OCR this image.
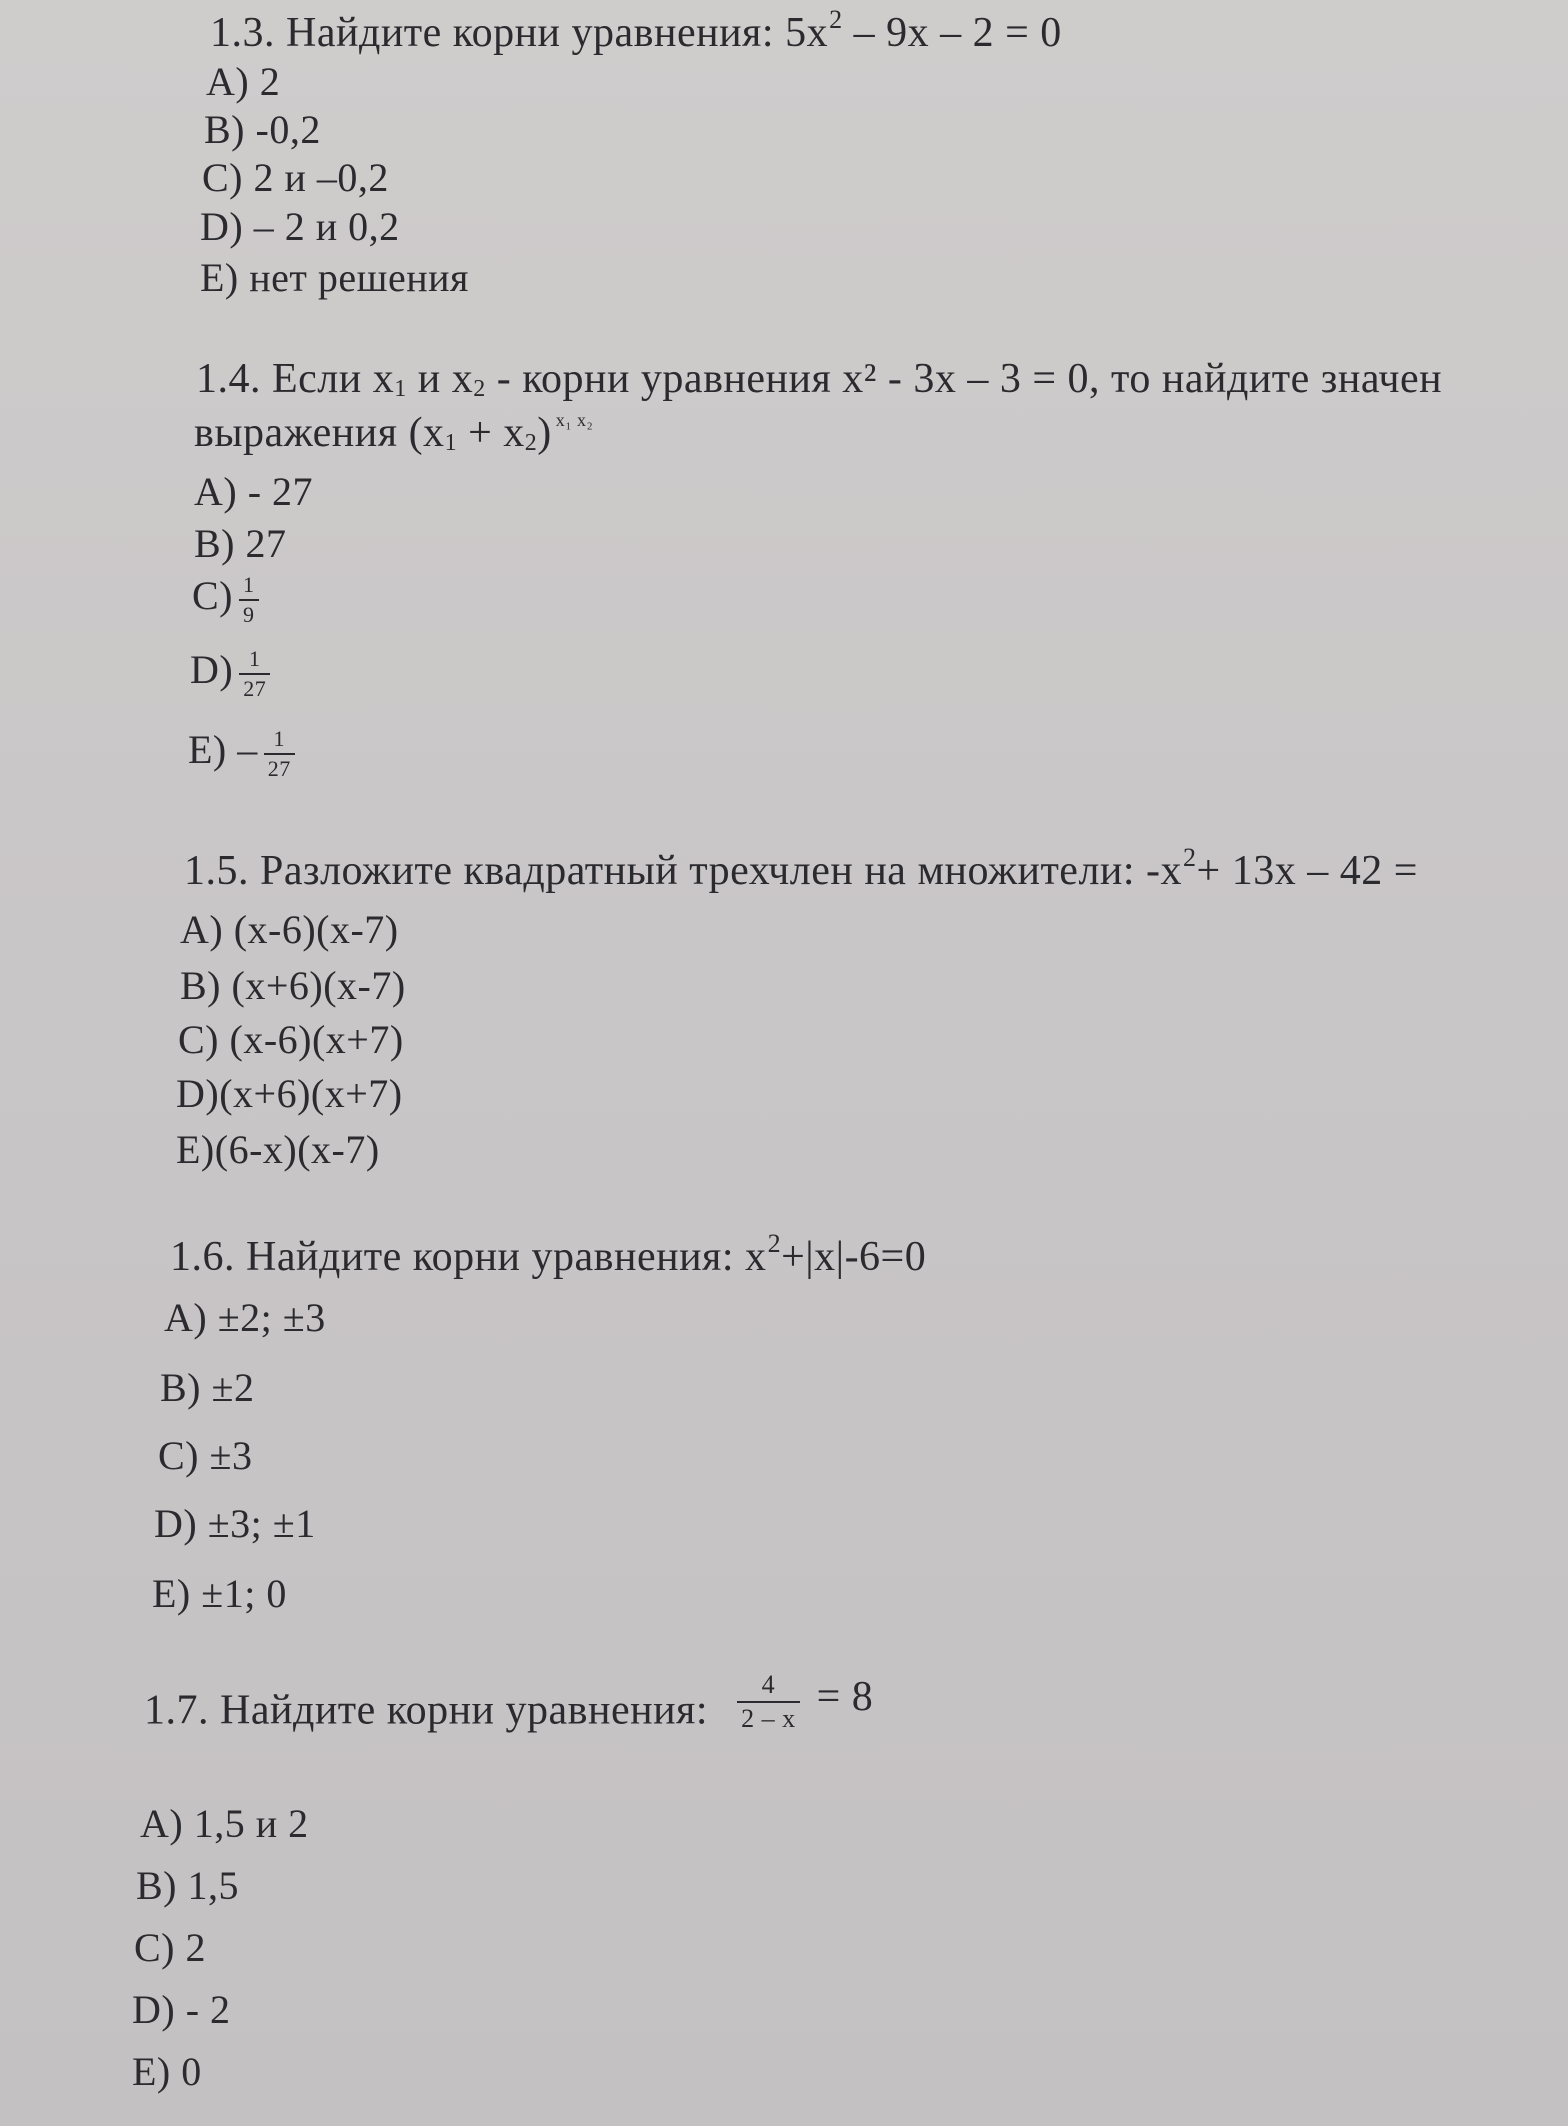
1.3. Найдите корни уравнения: $5x^2 - 9x - 2 = 0$
A) 2
B) -0,2
C) 2 и –0,2
D) – 2 и 0,2
E) нет решения
1.4. Если x1 и x2 - корни уравнения x² - 3x – 3 = 0, то найдите значен
выражения (x1 + x2) $^{x_1 x_2}$
A) - 27
B) 27
$C) \frac{1}{9}$
$D) \frac{1}{27}$
$E) - \frac{1}{27}$
1.5. Разложите квадратный трехчлен на множители: $-x^2+ 13x - 42$ =
A) (x-6)(x-7)
B) (x+6)(x-7)
C) (x-6)(x+7)
D)(x+6)(x+7)
E)(6-x)(x-7)
1.6. Найдите корни уравнения: $x^2+|x|-6=0$
A) ±2; ±3
B) ±2
C) ±3
D) ±3; ±1
E) ±1; 0
1.7. Найдите корни уравнения: $\frac{4}{2 - x} = 8$
A) 1,5 и 2
B) 1,5
C) 2
D) - 2
E) 0
